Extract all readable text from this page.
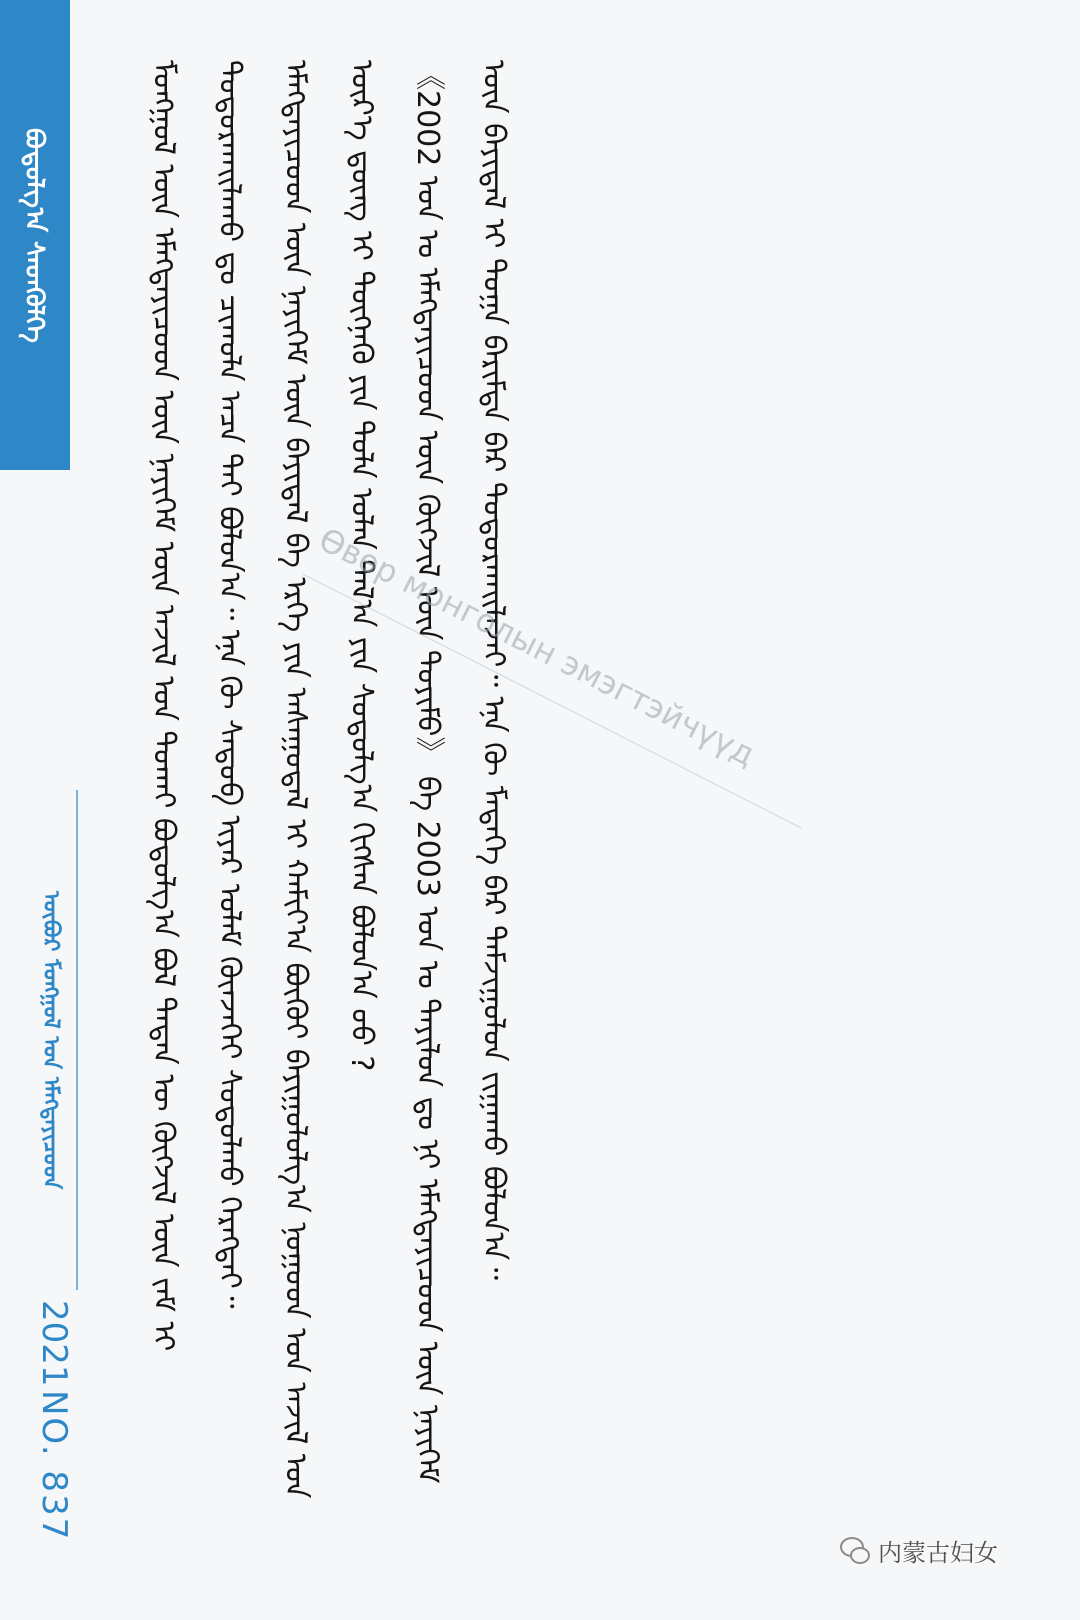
ᠪᠣᠳᠣᠯᠭ᠎ᠠ ᠰᠡᠳᠬᠦᠯᠭᠡ
ᠥᠪᠥᠷ ᠮᠣᠩᠭᠣᠯ ᠤᠨ ᠡᠮᠡᠭᠲᠡᠶᠢᠴᠦᠳ
2021
NO. 837

ᠮᠣᠩᠭᠣᠯ ᠦᠨ ᠡᠮᠡᠭᠲᠡᠶᠢᠴᠦᠳ ᠦᠨ ᠨᠡᠶᠢᠭᠡᠮ ᠦᠨ ᠠᠵᠢᠯ ᠤᠨ ᠲᠤᠬᠠᠢ ᠪᠣᠳᠣᠯᠭ᠎ᠠ ᠪᠣᠯ ᠲᠡᠳᠡᠨ ᠦ ᠬᠥᠭᠵᠢᠯ ᠦᠨ ᠵᠠᠮ ᠢ ᠲᠣᠳᠣᠷᠬᠠᠢᠯᠠᠬᠤ ᠳᠤ ᠴᠢᠬᠤᠯᠠ ᠠᠴᠠ ᠲᠠᠢ ᠪᠣᠯᠤᠨ᠎ᠠ᠃ ᠡᠨᠡ ᠬᠦ ᠰᠡᠳᠦᠪ ᠢᠶᠡᠷ ᠤᠯᠠᠮ ᠭᠦᠨᠵᠡᠭᠡᠢ ᠰᠤᠳᠤᠯᠬᠤ ᠬᠡᠷᠡᠭᠲᠡᠢ᠃	ᠡᠮᠡᠭᠲᠡᠶᠢᠴᠦᠳ ᠦᠨ ᠨᠡᠶᠢᠭᠡᠮ ᠦᠨ ᠪᠠᠶᠢᠳᠠᠯ ᠪᠠ ᠡᠷᠬᠡ ᠶᠢᠨ ᠠᠰᠠᠭᠤᠳᠠᠯ ᠢ ᠬᠠᠮᠢᠶ᠎ᠠ ᠪᠦᠬᠦᠢ ᠪᠠᠶᠢᠭᠤᠯᠤᠯᠭ᠎ᠠ ᠨᠤᠭᠤᠳ ᠤᠨ ᠠᠵᠢᠯ ᠤᠨ ᠦᠷ᠎ᠡ ᠳ᠋ᠦᠩ ᠢ ᠳᠦᠭᠨᠡᠬᠦ ᠶᠢᠨ ᠲᠤᠯᠠ ᠣᠯᠠᠨ ᠲᠠᠯ᠎ᠠ ᠶᠢᠨ ᠰᠤᠳᠤᠯᠭ᠎ᠠ ᠬᠢᠭᠰᠡᠨ ᠪᠣᠯᠤᠨ᠎ᠠ ᠤᠤ ?	《2002 ᠣᠨ ᠤ ᠡᠮᠡᠭᠲᠡᠶᠢᠴᠦᠳ ᠦᠨ ᠬᠥᠭᠵᠢᠯ ᠦᠨ ᠲᠣᠶᠢᠮᠤ》 ᠪᠠ 2003 ᠣᠨ ᠤ ᠲᠠᠶᠢᠯᠤᠨ ᠳᠤ ᠨᠢ ᠡᠮᠡᠭᠲᠡᠶᠢᠴᠦᠳ ᠦᠨ ᠨᠡᠶᠢᠭᠡᠮ ᠦᠨ ᠪᠠᠶᠢᠳᠠᠯ ᠢ ᠲᠣᠭᠠ ᠪᠠᠷᠢᠮᠲᠠ ᠪᠡᠷ ᠲᠣᠳᠣᠷᠬᠠᠢᠯᠠᠵᠠᠢ᠃ ᠡᠨᠡ ᠬᠦ ᠮᠡᠳᠡᠭᠡ ᠪᠠᠷ ᠳᠠᠮᠵᠢᠭᠤᠯᠤᠨ ᠵᠢᠭᠠᠬᠤ ᠪᠣᠯᠤᠨ᠎ᠠ᠃

Өвөр монголын эмэгтэйчүүд
内蒙古妇女
